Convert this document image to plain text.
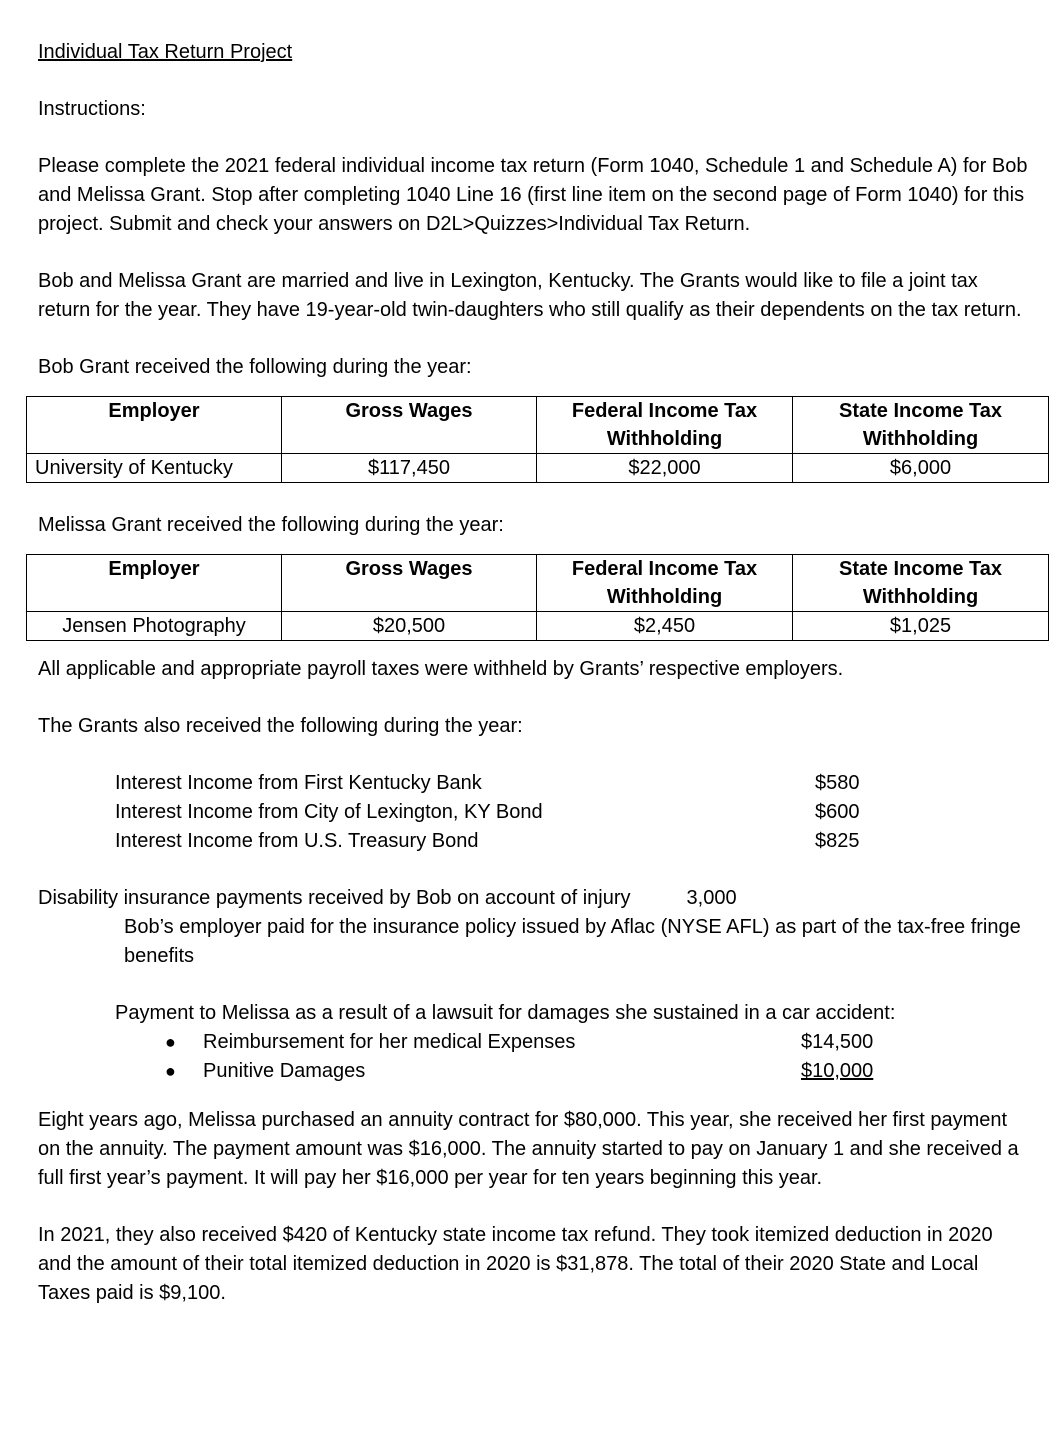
Individual Tax Return Project

Instructions:

Please complete the 2021 federal individual income tax return (Form 1040, Schedule 1 and Schedule A) for Bob and Melissa Grant. Stop after completing 1040 Line 16 (first line item on the second page of Form 1040) for this project. Submit and check your answers on D2L>Quizzes>Individual Tax Return.

Bob and Melissa Grant are married and live in Lexington, Kentucky. The Grants would like to file a joint tax return for the year. They have 19-year-old twin-daughters who still qualify as their dependents on the tax return.

Bob Grant received the following during the year:

Employer	Gross Wages	Federal Income Tax Withholding	State Income Tax Withholding
University of Kentucky	$117,450	$22,000	$6,000

Melissa Grant received the following during the year:

Employer	Gross Wages	Federal Income Tax Withholding	State Income Tax Withholding
Jensen Photography	$20,500	$2,450	$1,025

All applicable and appropriate payroll taxes were withheld by Grants’ respective employers.

The Grants also received the following during the year:

Interest Income from First Kentucky Bank	$580
Interest Income from City of Lexington, KY Bond	$600
Interest Income from U.S. Treasury Bond	$825
Disability insurance payments received by Bob on account of injury	3,000

Bob’s employer paid for the insurance policy issued by Aflac (NYSE AFL) as part of the tax-free fringe benefits

Payment to Melissa as a result of a lawsuit for damages she sustained in a car accident:

●	Reimbursement for her medical Expenses	$14,500
●	Punitive Damages	$10,000

Eight years ago, Melissa purchased an annuity contract for $80,000. This year, she received her first payment on the annuity. The payment amount was $16,000. The annuity started to pay on January 1 and she received a full first year’s payment. It will pay her $16,000 per year for ten years beginning this year.

In 2021, they also received $420 of Kentucky state income tax refund. They took itemized deduction in 2020 and the amount of their total itemized deduction in 2020 is $31,878. The total of their 2020 State and Local Taxes paid is $9,100.
